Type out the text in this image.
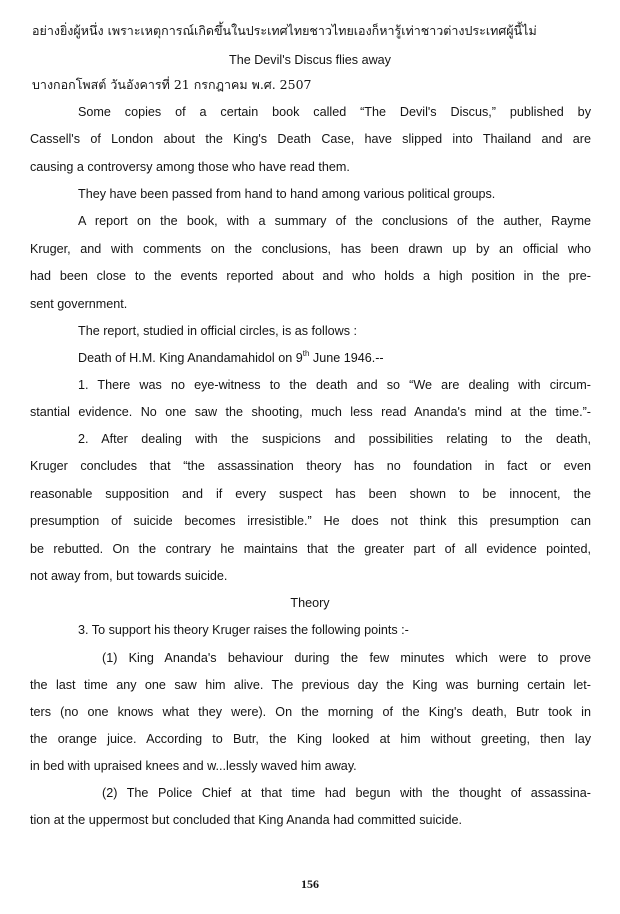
อย่างยิ่งผู้หนึ่ง เพราะเหตุการณ์เกิดขึ้นในประเทศไทยชาวไทยเองก็หารู้เท่าชาวต่างประเทศผู้นี้ไม่
The Devil's Discus flies away
บางกอกโพสต์ วันอังคารที่ 21 กรกฎาคม พ.ศ. 2507
Some copies of a certain book called “The Devil's Discus,” published by
Cassell's of London about the King's Death Case, have slipped into Thailand and are
causing a controversy among those who have read them.
They have been passed from hand to hand among various political groups.
A report on the book, with a summary of the conclusions of the auther, Rayme
Kruger, and with comments on the conclusions, has been drawn up by an official who
had been close to the events reported about and who holds a high position in the pre-
sent government.
The report, studied in official circles, is as follows :
Death of H.M. King Anandamahidol on 9th June 1946.--
1. There was no eye-witness to the death and so “We are dealing with circum-
stantial evidence. No one saw the shooting, much less read Ananda's mind at the time.”-
2. After dealing with the suspicions and possibilities relating to the death,
Kruger concludes that “the assassination theory has no foundation in fact or even
reasonable supposition and if every suspect has been shown to be innocent, the
presumption of suicide becomes irresistible.” He does not think this presumption can
be rebutted. On the contrary he maintains that the greater part of all evidence pointed,
not away from, but towards suicide.
Theory
3. To support his theory Kruger raises the following points :-
(1) King Ananda's behaviour during the few minutes which were to prove
the last time any one saw him alive. The previous day the King was burning certain let-
ters (no one knows what they were). On the morning of the King's death, Butr took in
the orange juice. According to Butr, the King looked at him without greeting, then lay
in bed with upraised knees and w...lessly waved him away.
(2) The Police Chief at that time had begun with the thought of assassina-
tion at the uppermost but concluded that King Ananda had committed suicide.
156
